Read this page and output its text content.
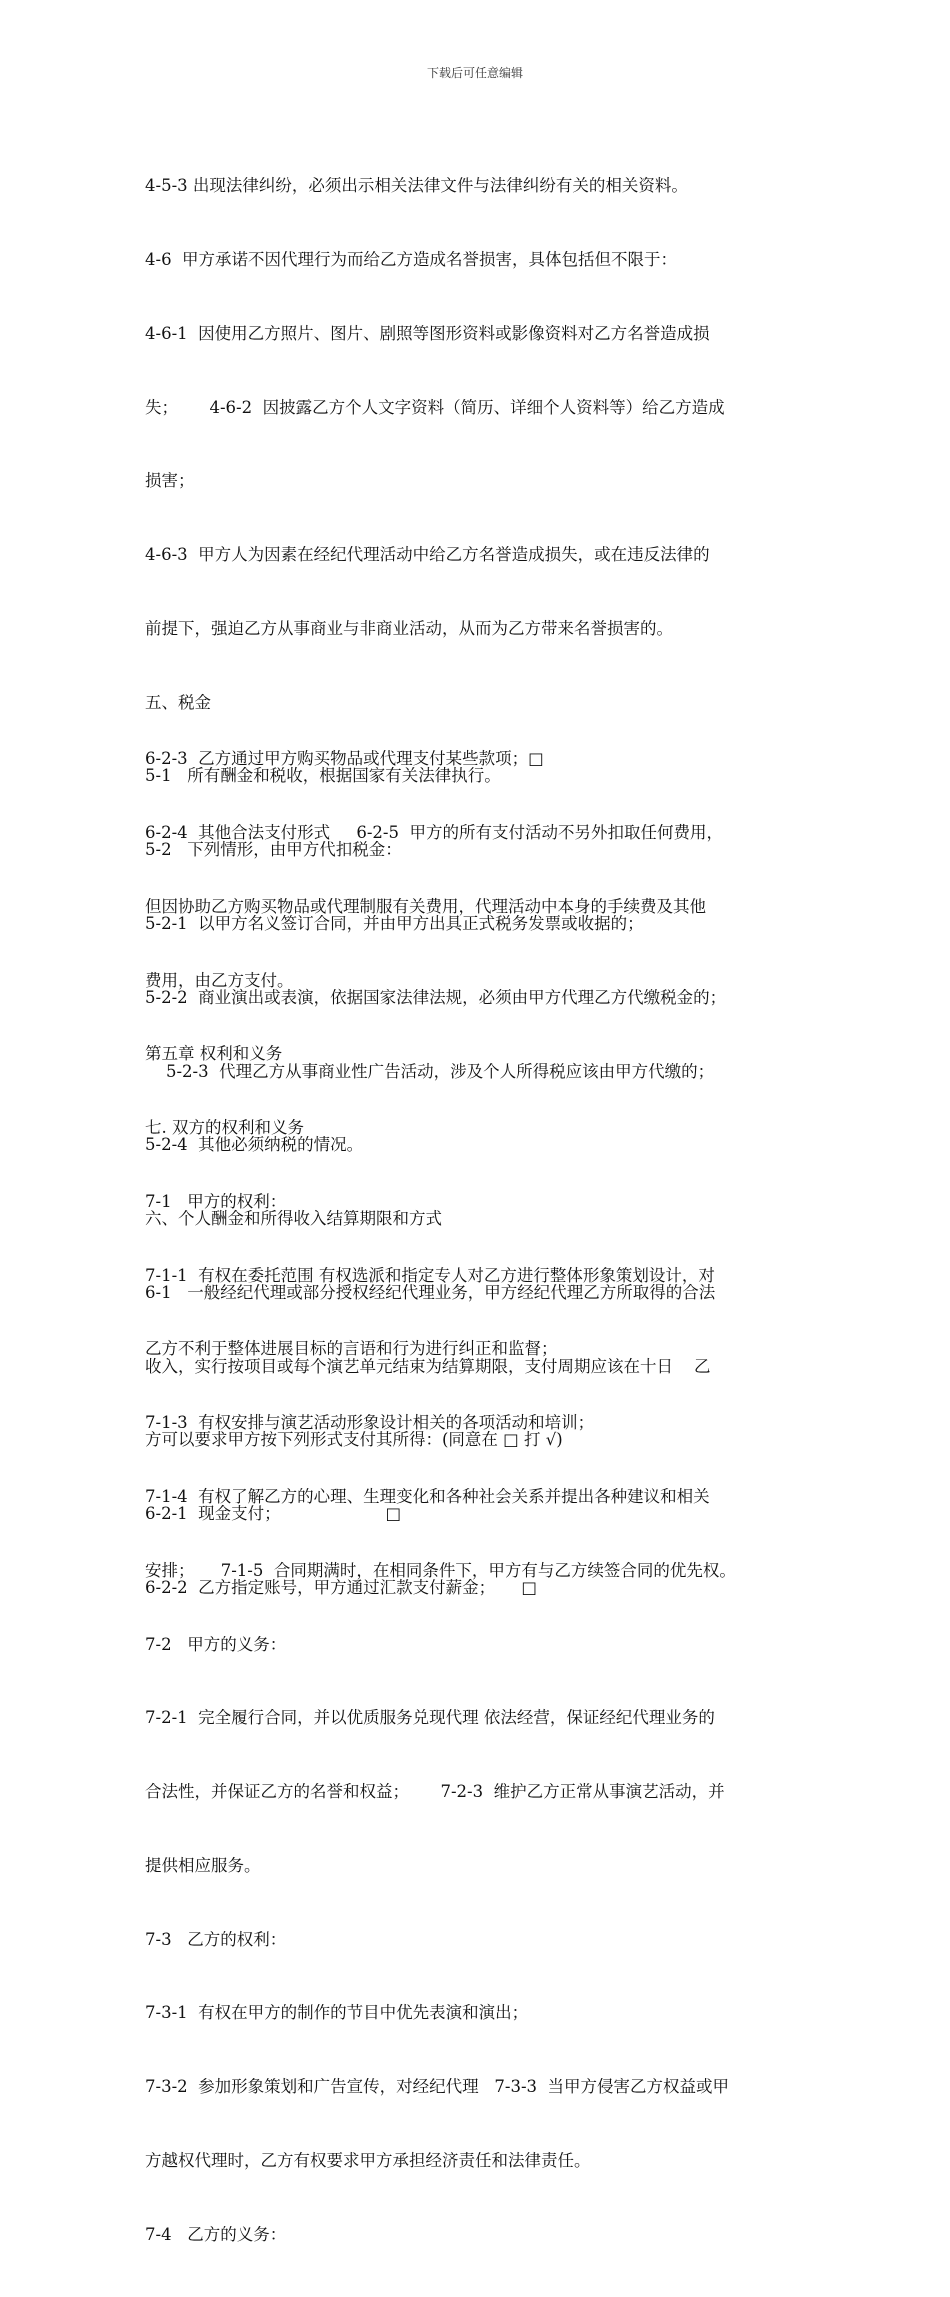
下载后可任意编辑

4-5-3 出现法律纠纷，必须出示相关法律文件与法律纠纷有关的相关资料。

4-6  甲方承诺不因代理行为而给乙方造成名誉损害，具体包括但不限于：

4-6-1  因使用乙方照片、图片、剧照等图形资料或影像资料对乙方名誉造成损

失；      4-6-2  因披露乙方个人文字资料（简历、详细个人资料等）给乙方造成

损害；

4-6-3  甲方人为因素在经纪代理活动中给乙方名誉造成损失，或在违反法律的

前提下，强迫乙方从事商业与非商业活动，从而为乙方带来名誉损害的。

五、税金

5-1   所有酬金和税收，根据国家有关法律执行。

5-2   下列情形，由甲方代扣税金：

5-2-1  以甲方名义签订合同，并由甲方出具正式税务发票或收据的；

5-2-2  商业演出或表演，依据国家法律法规，必须由甲方代理乙方代缴税金的；

5-2-3  代理乙方从事商业性广告活动，涉及个人所得税应该由甲方代缴的；

5-2-4  其他必须纳税的情况。

六、个人酬金和所得收入结算期限和方式

6-1   一般经纪代理或部分授权经纪代理业务，甲方经纪代理乙方所取得的合法

收入，实行按项目或每个演艺单元结束为结算期限，支付周期应该在十日    乙

方可以要求甲方按下列形式支付其所得：(同意在 □ 打 √)

6-2-1  现金支付；                    □

6-2-2  乙方指定账号，甲方通过汇款支付薪金；     □

6-2-3  乙方通过甲方购买物品或代理支付某些款项；□

6-2-4  其他合法支付形式     6-2-5  甲方的所有支付活动不另外扣取任何费用，

但因协助乙方购买物品或代理制服有关费用，代理活动中本身的手续费及其他

费用，由乙方支付。

第五章 权利和义务

七. 双方的权利和义务

7-1   甲方的权利：

7-1-1  有权在委托范围 有权选派和指定专人对乙方进行整体形象策划设计，对

乙方不利于整体进展目标的言语和行为进行纠正和监督；

7-1-3  有权安排与演艺活动形象设计相关的各项活动和培训；

7-1-4  有权了解乙方的心理、生理变化和各种社会关系并提出各种建议和相关

安排；     7-1-5  合同期满时，在相同条件下，甲方有与乙方续签合同的优先权。

7-2   甲方的义务：

7-2-1  完全履行合同，并以优质服务兑现代理 依法经营，保证经纪代理业务的

合法性，并保证乙方的名誉和权益；      7-2-3  维护乙方正常从事演艺活动，并

提供相应服务。

7-3   乙方的权利：

7-3-1  有权在甲方的制作的节目中优先表演和演出；

7-3-2  参加形象策划和广告宣传，对经纪代理   7-3-3  当甲方侵害乙方权益或甲

方越权代理时，乙方有权要求甲方承担经济责任和法律责任。

7-4   乙方的义务：
